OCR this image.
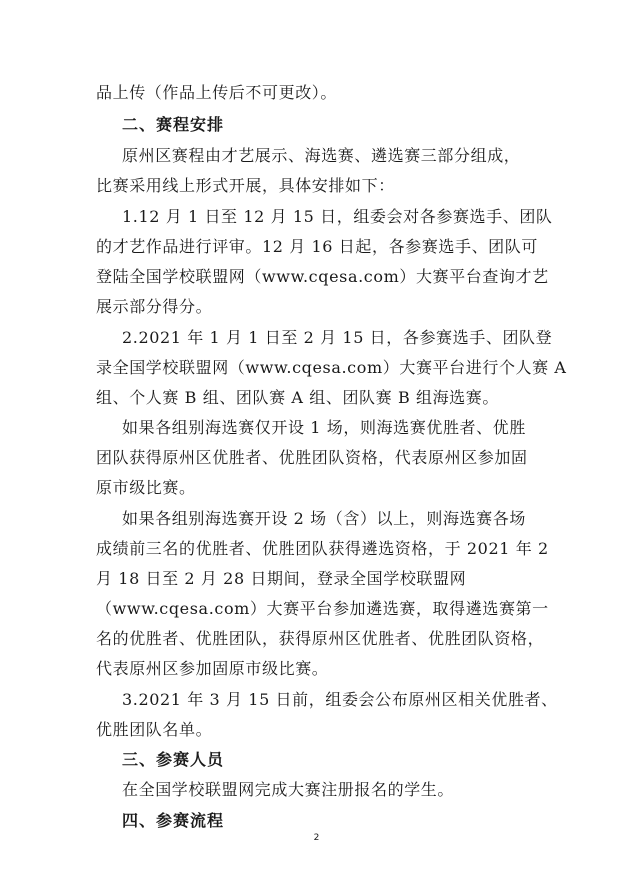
品上传（作品上传后不可更改）。
二、赛程安排
原州区赛程由才艺展示、海选赛、遴选赛三部分组成，
比赛采用线上形式开展，具体安排如下：
1.12 月 1 日至 12 月 15 日，组委会对各参赛选手、团队
的才艺作品进行评审。12 月 16 日起，各参赛选手、团队可
登陆全国学校联盟网（www.cqesa.com）大赛平台查询才艺
展示部分得分。
2.2021 年 1 月 1 日至 2 月 15 日，各参赛选手、团队登
录全国学校联盟网（www.cqesa.com）大赛平台进行个人赛 A
组、个人赛 B 组、团队赛 A 组、团队赛 B 组海选赛。
如果各组别海选赛仅开设 1 场，则海选赛优胜者、优胜
团队获得原州区优胜者、优胜团队资格，代表原州区参加固
原市级比赛。
如果各组别海选赛开设 2 场（含）以上，则海选赛各场
成绩前三名的优胜者、优胜团队获得遴选资格，于 2021 年 2
月 18 日至 2 月 28 日期间，登录全国学校联盟网
（www.cqesa.com）大赛平台参加遴选赛，取得遴选赛第一
名的优胜者、优胜团队，获得原州区优胜者、优胜团队资格，
代表原州区参加固原市级比赛。
3.2021 年 3 月 15 日前，组委会公布原州区相关优胜者、
优胜团队名单。
三、参赛人员
在全国学校联盟网完成大赛注册报名的学生。
四、参赛流程
2
